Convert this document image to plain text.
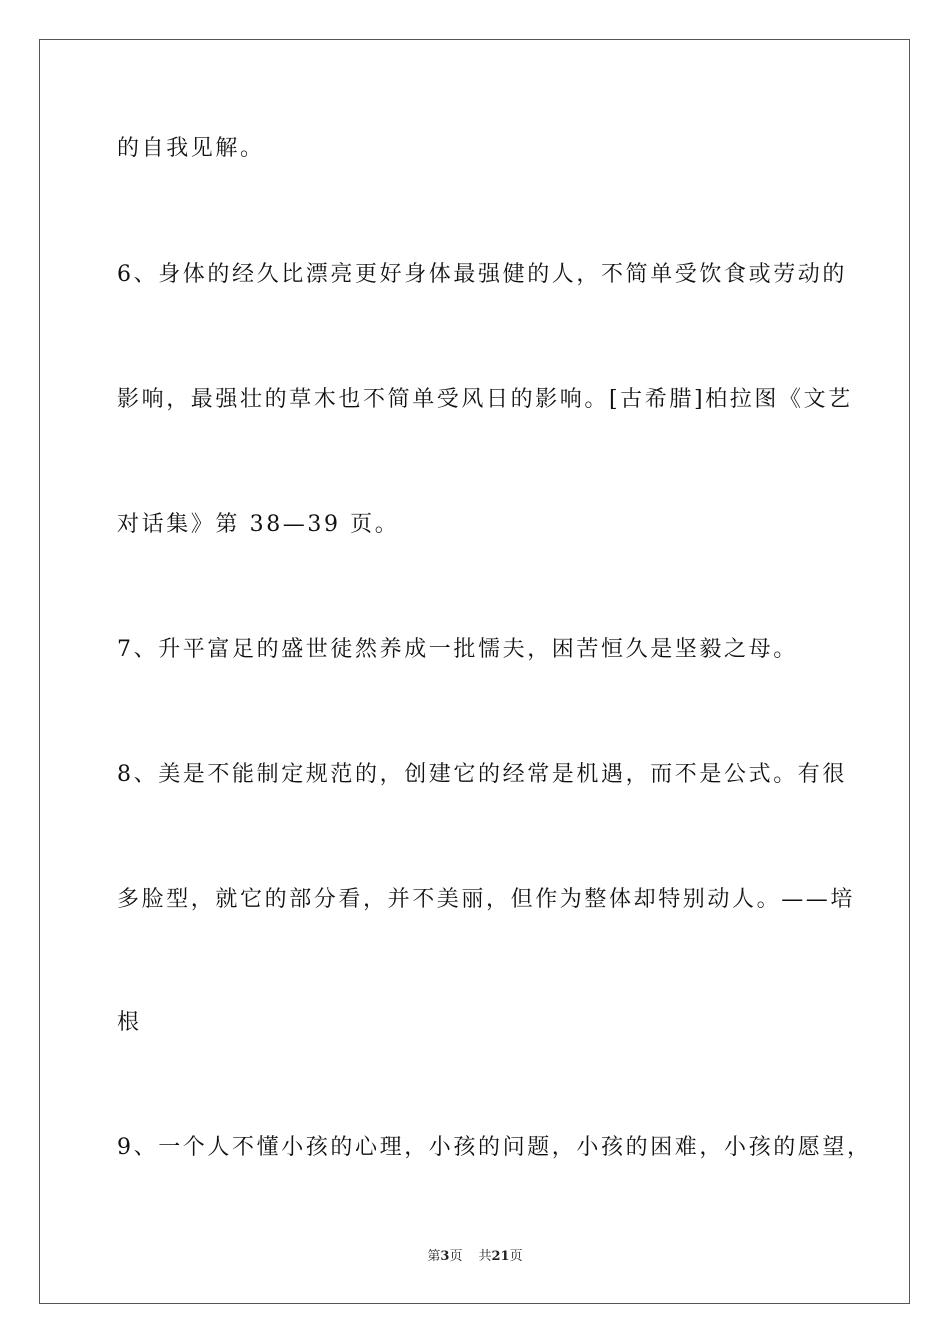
的自我见解。
6、身体的经久比漂亮更好身体最强健的人，不简单受饮食或劳动的
影响，最强壮的草木也不简单受风日的影响。[古希腊]柏拉图《文艺
对话集》第 38—39 页。
7、升平富足的盛世徒然养成一批懦夫，困苦恒久是坚毅之母。
8、美是不能制定规范的，创建它的经常是机遇，而不是公式。有很
多脸型，就它的部分看，并不美丽，但作为整体却特别动人。——培
根
9、一个人不懂小孩的心理，小孩的问题，小孩的困难，小孩的愿望，
第3页 共21页
